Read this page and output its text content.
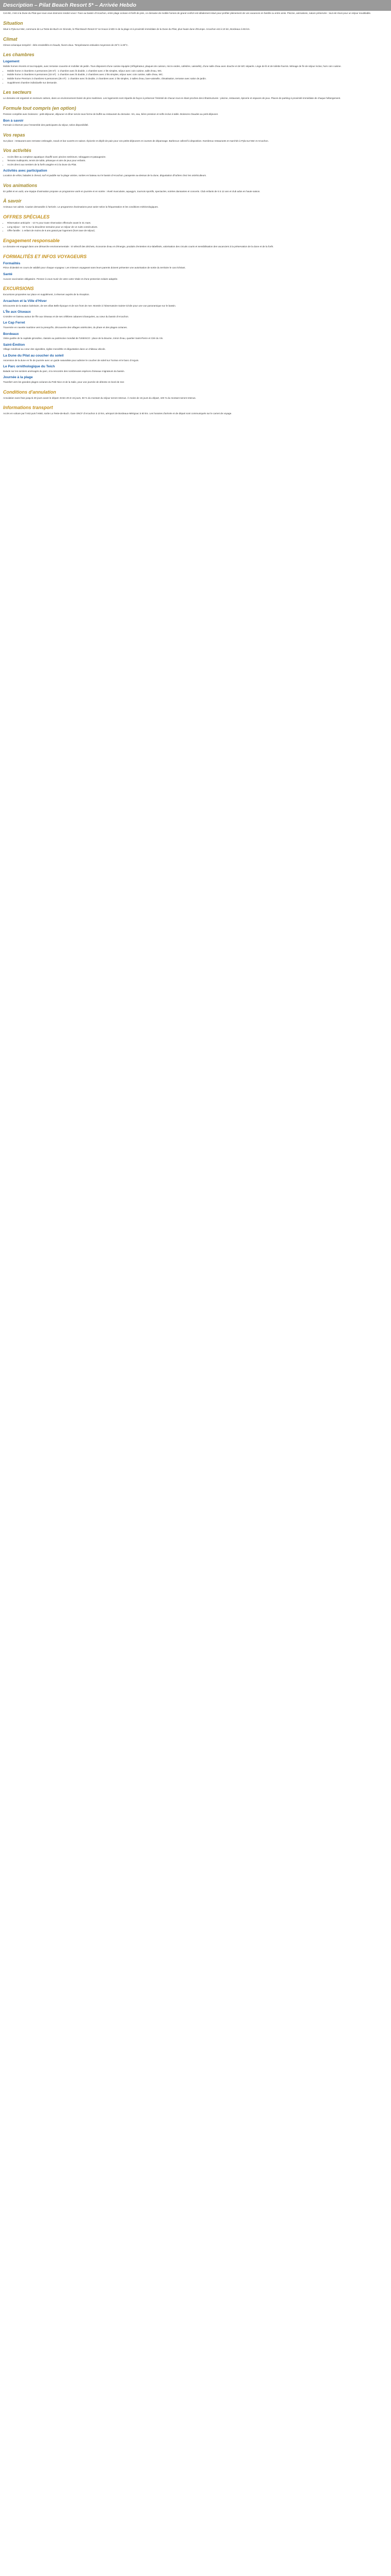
Description – Pilat Beach Resort 5* – Arrivée Hebdo

Cet été, c'est à la Dune du Pilat que nous vous donnons rendez-vous ! Face au bassin d'Arcachon, entre plage océane et forêt de pins, ce domaine de mobile homes de grand confort est idéalement situé pour profiter pleinement de vos vacances en famille ou entre amis. Piscine, animations, nature préservée : tout est réuni pour un séjour inoubliable.

Situation

Situé à Pyla-sur-Mer, commune de La Teste-de-Buch en Gironde, le Pilat Beach Resort 5* se trouve à 500 m de la plage et à proximité immédiate de la Dune du Pilat, plus haute dune d'Europe. Arcachon est à 10 km, Bordeaux à 65 km.

Climat

Climat océanique tempéré : étés ensoleillés et chauds, hivers doux. Températures estivales moyennes de 25°C à 28°C.

Les chambres
Logement

Mobile homes récents et tout équipés, avec terrasse couverte et mobilier de jardin. Tous disposent d'une cuisine équipée (réfrigérateur, plaques de cuisson, micro-ondes, cafetière, vaisselle), d'une salle d'eau avec douche et de WC séparés. Linge de lit et de toilette fournis. Ménage de fin de séjour inclus, hors coin cuisine.

• Mobile home 2 chambres 4 personnes (28 m²) : 1 chambre avec lit double, 1 chambre avec 2 lits simples, séjour avec coin cuisine, salle d'eau, WC.
• Mobile home 3 chambres 6 personnes (33 m²) : 1 chambre avec lit double, 2 chambres avec 2 lits simples, séjour avec coin cuisine, salle d'eau, WC.
• Mobile home Premium 3 chambres 6 personnes (35 m²) : 1 chambre avec lit double, 2 chambres avec 2 lits simples, 2 salles d'eau, lave-vaisselle, climatisation, terrasse avec salon de jardin.
• Supplément chambre individuelle sur demande.
Les secteurs

Le domaine est organisé en secteurs calmes, dans un environnement boisé de pins maritimes. Les logements sont répartis de façon à préserver l'intimité de chacun tout en étant proches des infrastructures : piscine, restaurant, épicerie et espaces de jeux. Places de parking à proximité immédiate de chaque hébergement.

Formule tout compris (en option)

Pension complète avec boissons : petit-déjeuner, déjeuner et dîner servis sous forme de buffet au restaurant du domaine. Vin, eau, bière pression et softs inclus à table. Boissons chaudes au petit-déjeuner.

Bon à savoir

Formule à réserver pour l'ensemble des participants du séjour, selon disponibilité.

Vos repas

Sur place : restaurant avec terrasse ombragée, snack et bar ouverts en saison. Épicerie et dépôt de pain pour vos petits-déjeuners et courses de dépannage. Barbecue collectif à disposition. Nombreux restaurants et marchés à Pyla-sur-Mer et Arcachon.

Vos activités
• Accès libre au complexe aquatique chauffé avec piscine extérieure, toboggans et pataugeoire.
• Terrains multisports, tennis de table, pétanque et aire de jeux pour enfants.
• Accès direct aux sentiers de la forêt usagère et à la Dune du Pilat.
Activités avec participation

Location de vélos, balades à cheval, surf et paddle sur la plage voisine, sorties en bateau sur le bassin d'Arcachon, parapente au-dessus de la dune, dégustation d'huîtres chez les ostréiculteurs.

Vos animations

En juillet et en août, une équipe d'animation propose un programme varié en journée et en soirée : réveil musculaire, aquagym, tournois sportifs, spectacles, soirées dansantes et concerts. Club enfants de 5 à 12 ans et club ados en haute saison.

À savoir

Animaux non admis. Caution demandée à l'arrivée. Le programme d'animations peut varier selon la fréquentation et les conditions météorologiques.

OFFRES SPÉCIALES
• Réservation anticipée : -10 % pour toute réservation effectuée avant le 31 mars.
• Long séjour : -15 % sur la deuxième semaine pour un séjour de 14 nuits consécutives.
• Offre famille : 1 enfant de moins de 6 ans gratuit par logement (hors taxe de séjour).
Engagement responsable

Le domaine est engagé dans une démarche environnementale : tri sélectif des déchets, économie d'eau et d'énergie, produits d'entretien éco-labellisés, valorisation des circuits courts et sensibilisation des vacanciers à la préservation de la dune et de la forêt.

FORMALITÉS ET INFOS VOYAGEURS
Formalités

Pièce d'identité en cours de validité pour chaque voyageur. Les mineurs voyageant sans leurs parents doivent présenter une autorisation de sortie du territoire le cas échéant.

Santé

Aucune vaccination obligatoire. Pensez à vous munir de votre carte Vitale et d'une protection solaire adaptée.

EXCURSIONS

Excursions proposées sur place en supplément, à réserver auprès de la réception.

Arcachon et la Ville d'Hiver

Découverte de la station balnéaire, de ses villas Belle Époque et de son front de mer. Montée à l'observatoire Sainte-Cécile pour une vue panoramique sur le bassin.

L'Île aux Oiseaux

Croisière en bateau autour de l'Île aux Oiseaux et de ses célèbres cabanes tchanquées, au cœur du bassin d'Arcachon.

Le Cap Ferret

Traversée en navette maritime vers la presqu'île, découverte des villages ostréicoles, du phare et des plages océanes.

Bordeaux

Visite guidée de la capitale girondine, classée au patrimoine mondial de l'UNESCO : place de la Bourse, miroir d'eau, quartier Saint-Pierre et Cité du Vin.

Saint-Émilion

Village médiéval au cœur des vignobles, église monolithe et dégustation dans un château viticole.

La Dune du Pilat au coucher du soleil

Ascension de la dune en fin de journée avec un guide naturaliste pour admirer le coucher de soleil sur l'océan et le banc d'Arguin.

Le Parc ornithologique du Teich

Balade sur les sentiers aménagés du parc, à la rencontre des nombreuses espèces d'oiseaux migrateurs du bassin.

Journée à la plage

Transfert vers les grandes plages océanes du Petit Nice et de la Salie, pour une journée de détente en bord de mer.

Conditions d'annulation

Annulation sans frais jusqu'à 30 jours avant le départ. Entre 29 et 15 jours, 50 % du montant du séjour seront retenus. À moins de 15 jours du départ, 100 % du montant seront retenus.

Informations transport

Accès en voiture par l'A63 puis l'A660, sortie La Teste-de-Buch. Gare SNCF d'Arcachon à 10 km, aéroport de Bordeaux-Mérignac à 60 km. Les horaires d'arrivée et de départ sont communiqués sur le carnet de voyage.
